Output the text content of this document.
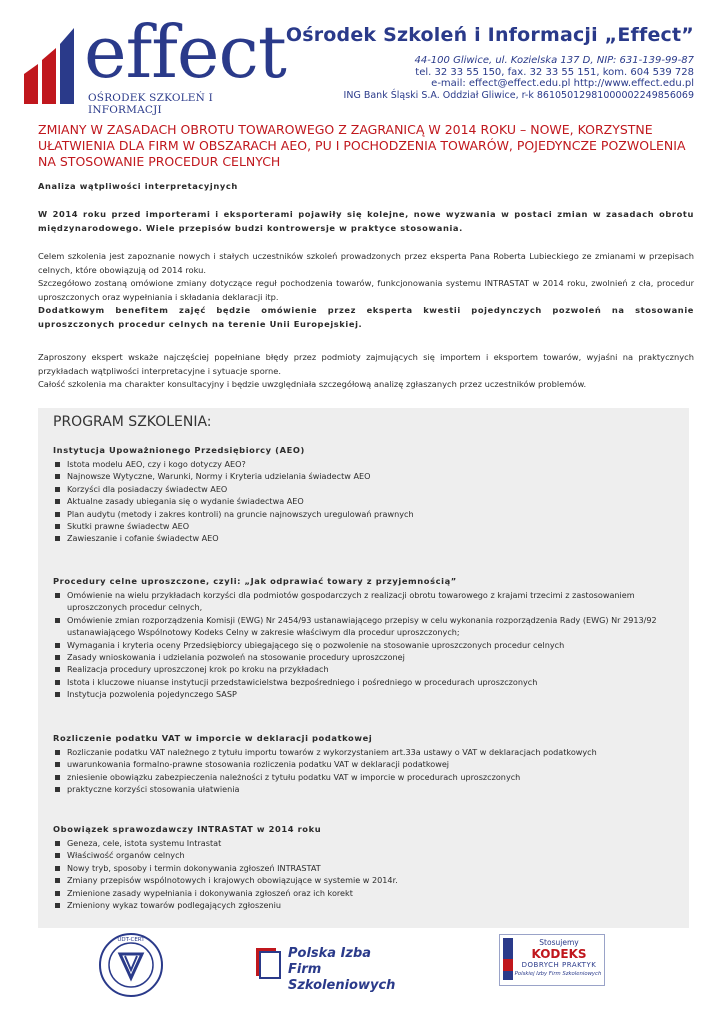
effect
OŚRODEK SZKOLEŃ I INFORMACJI
Ośrodek Szkoleń i Informacji „Effect”
44-100 Gliwice, ul. Kozielska 137 D, NIP: 631-139-99-87
tel. 32 33 55 150, fax. 32 33 55 151, kom. 604 539 728
e-mail: effect@effect.edu.pl http://www.effect.edu.pl
ING Bank Śląski S.A. Oddział Gliwice, r-k 86105012981000002249856069
ZMIANY W ZASADACH OBROTU TOWAROWEGO Z ZAGRANICĄ W 2014 ROKU – NOWE, KORZYSTNE UŁATWIENIA DLA FIRM W OBSZARACH AEO, PU I POCHODZENIA TOWARÓW, POJEDYNCZE POZWOLENIA NA STOSOWANIE PROCEDUR CELNYCH

Analiza wątpliwości interpretacyjnych

W 2014 roku przed importerami i eksporterami pojawiły się kolejne, nowe wyzwania w postaci zmian w zasadach obrotu międzynarodowego. Wiele przepisów budzi kontrowersje w praktyce stosowania.

Celem szkolenia jest zapoznanie nowych i stałych uczestników szkoleń prowadzonych przez eksperta Pana Roberta Lubieckiego ze zmianami w przepisach celnych, które obowiązują od 2014 roku.

Szczegółowo zostaną omówione zmiany dotyczące reguł pochodzenia towarów, funkcjonowania systemu INTRASTAT w 2014 roku, zwolnień z cła, procedur uproszczonych oraz wypełniania i składania deklaracji itp.

Dodatkowym benefitem zajęć będzie omówienie przez eksperta kwestii pojedynczych pozwoleń na stosowanie uproszczonych procedur celnych na terenie Unii Europejskiej.

Zaproszony ekspert wskaże najczęściej popełniane błędy przez podmioty zajmujących się importem i eksportem towarów, wyjaśni na praktycznych przykładach wątpliwości interpretacyjne i sytuacje sporne.

Całość szkolenia ma charakter konsultacyjny i będzie uwzględniała szczegółową analizę zgłaszanych przez uczestników problemów.

PROGRAM SZKOLENIA:

Instytucja Upoważnionego Przedsiębiorcy (AEO)

Istota modelu AEO, czy i kogo dotyczy AEO?
Najnowsze Wytyczne, Warunki, Normy i Kryteria udzielania świadectw AEO
Korzyści dla posiadaczy świadectw AEO
Aktualne zasady ubiegania się o wydanie świadectwa AEO
Plan audytu (metody i zakres kontroli) na gruncie najnowszych uregulowań prawnych
Skutki prawne świadectw AEO
Zawieszanie i cofanie świadectw AEO

Procedury celne uproszczone, czyli: „Jak odprawiać towary z przyjemnością”

Omówienie na wielu przykładach korzyści dla podmiotów gospodarczych z realizacji obrotu towarowego z krajami trzecimi z zastosowaniem uproszczonych procedur celnych,
Omówienie zmian rozporządzenia Komisji (EWG) Nr 2454/93 ustanawiającego przepisy w celu wykonania rozporządzenia Rady (EWG) Nr 2913/92 ustanawiającego Wspólnotowy Kodeks Celny w zakresie właściwym dla procedur uproszczonych;
Wymagania i kryteria oceny Przedsiębiorcy ubiegającego się o pozwolenie na stosowanie uproszczonych procedur celnych
Zasady wnioskowania i udzielania pozwoleń na stosowanie procedury uproszczonej
Realizacja procedury uproszczonej krok po kroku na przykładach
Istota i kluczowe niuanse instytucji przedstawicielstwa bezpośredniego i pośredniego w procedurach uproszczonych
Instytucja pozwolenia pojedynczego SASP

Rozliczenie podatku VAT w imporcie w deklaracji podatkowej

Rozliczanie podatku VAT należnego z tytułu importu towarów z wykorzystaniem art.33a ustawy o VAT w deklaracjach podatkowych
uwarunkowania formalno-prawne stosowania rozliczenia podatku VAT w deklaracji podatkowej
zniesienie obowiązku zabezpieczenia należności z tytułu podatku VAT w imporcie w procedurach uproszczonych
praktyczne korzyści stosowania ułatwienia

Obowiązek sprawozdawczy INTRASTAT w 2014 roku

Geneza, cele, istota systemu Intrastat
Właściwość organów celnych
Nowy tryb, sposoby i termin dokonywania zgłoszeń INTRASTAT
Zmiany przepisów wspólnotowych i krajowych obowiązujące w systemie w 2014r.
Zmienione zasady wypełniania i dokonywania zgłoszeń oraz ich korekt
Zmieniony wykaz towarów podlegających zgłoszeniu
UDT-CERT
Polska Izba
Firm Szkoleniowych
Stosujemy
KODEKS
DOBRYCH PRAKTYK
Polskiej Izby Firm Szkoleniowych
